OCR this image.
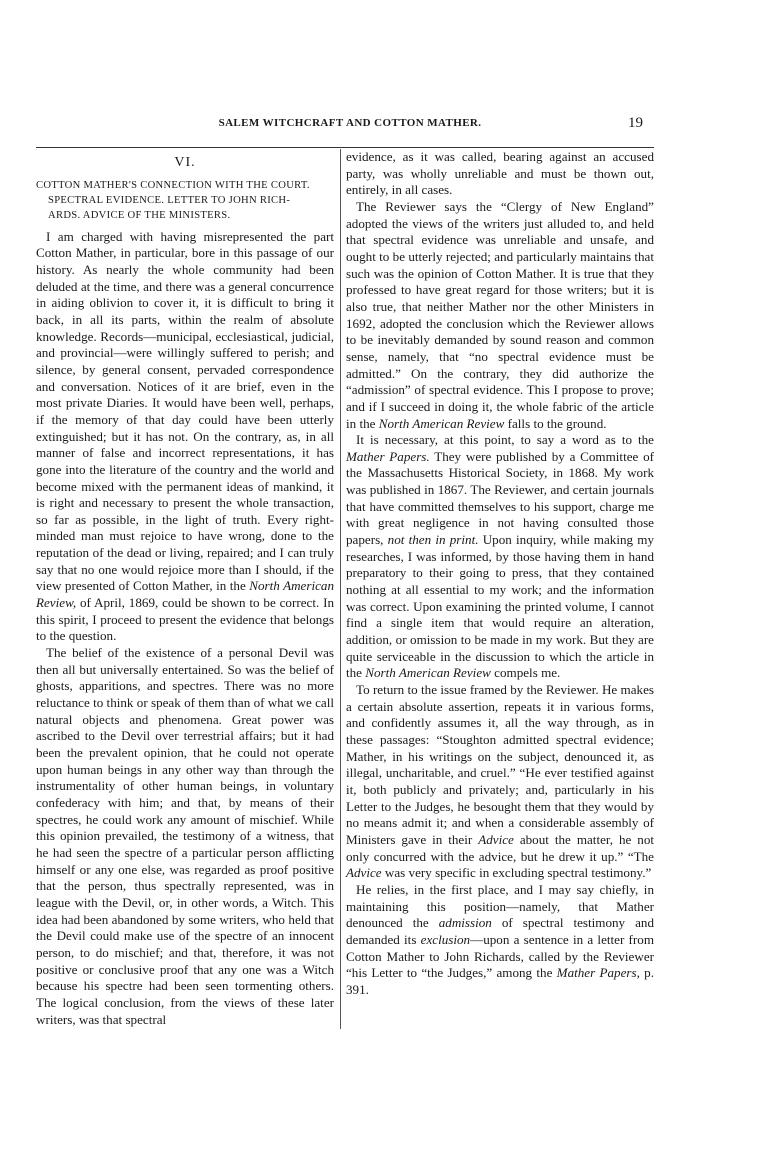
SALEM WITCHCRAFT AND COTTON MATHER.	19
VI.
COTTON MATHER'S CONNECTION WITH THE COURT.
SPECTRAL EVIDENCE. LETTER TO JOHN RICH-
ARDS. ADVICE OF THE MINISTERS.

I am charged with having misrepresented the part Cotton Mather, in particular, bore in this passage of our history. As nearly the whole community had been deluded at the time, and there was a general concurrence in aiding oblivion to cover it, it is difficult to bring it back, in all its parts, within the realm of absolute knowledge. Records—municipal, ecclesiastical, judicial, and provincial—were willingly suffered to perish; and silence, by general consent, pervaded correspondence and conversation. Notices of it are brief, even in the most private Diaries. It would have been well, perhaps, if the memory of that day could have been utterly extinguished; but it has not. On the contrary, as, in all manner of false and incorrect representations, it has gone into the literature of the country and the world and become mixed with the permanent ideas of mankind, it is right and necessary to present the whole transaction, so far as possible, in the light of truth. Every right-minded man must rejoice to have wrong, done to the reputation of the dead or living, repaired; and I can truly say that no one would rejoice more than I should, if the view presented of Cotton Mather, in the North American Review, of April, 1869, could be shown to be correct. In this spirit, I proceed to present the evidence that belongs to the question.

The belief of the existence of a personal Devil was then all but universally entertained. So was the belief of ghosts, apparitions, and spectres. There was no more reluctance to think or speak of them than of what we call natural objects and phenomena. Great power was ascribed to the Devil over terrestrial affairs; but it had been the prevalent opinion, that he could not operate upon human beings in any other way than through the instrumentality of other human beings, in voluntary confederacy with him; and that, by means of their spectres, he could work any amount of mischief. While this opinion prevailed, the testimony of a witness, that he had seen the spectre of a particular person afflicting himself or any one else, was regarded as proof positive that the person, thus spectrally represented, was in league with the Devil, or, in other words, a Witch. This idea had been abandoned by some writers, who held that the Devil could make use of the spectre of an innocent person, to do mischief; and that, therefore, it was not positive or conclusive proof that any one was a Witch because his spectre had been seen tormenting others. The logical conclusion, from the views of these later writers, was that spectral

evidence, as it was called, bearing against an accused party, was wholly unreliable and must be thown out, entirely, in all cases.

The Reviewer says the “Clergy of New England” adopted the views of the writers just alluded to, and held that spectral evidence was unreliable and unsafe, and ought to be utterly rejected; and particularly maintains that such was the opinion of Cotton Mather. It is true that they professed to have great regard for those writers; but it is also true, that neither Mather nor the other Ministers in 1692, adopted the conclusion which the Reviewer allows to be inevitably demanded by sound reason and common sense, namely, that “no spectral evidence must be admitted.” On the contrary, they did authorize the “admission” of spectral evidence. This I propose to prove; and if I succeed in doing it, the whole fabric of the article in the North American Review falls to the ground.

It is necessary, at this point, to say a word as to the Mather Papers. They were published by a Committee of the Massachusetts Historical Society, in 1868. My work was published in 1867. The Reviewer, and certain journals that have committed themselves to his support, charge me with great negligence in not having consulted those papers, not then in print. Upon inquiry, while making my researches, I was informed, by those having them in hand preparatory to their going to press, that they contained nothing at all essential to my work; and the information was correct. Upon examining the printed volume, I cannot find a single item that would require an alteration, addition, or omission to be made in my work. But they are quite serviceable in the discussion to which the article in the North American Review compels me.

To return to the issue framed by the Reviewer. He makes a certain absolute assertion, repeats it in various forms, and confidently assumes it, all the way through, as in these passages: “Stoughton admitted spectral evidence; Mather, in his writings on the subject, denounced it, as illegal, uncharitable, and cruel.” “He ever testified against it, both publicly and privately; and, particularly in his Letter to the Judges, he besought them that they would by no means admit it; and when a considerable assembly of Ministers gave in their Advice about the matter, he not only concurred with the advice, but he drew it up.” “The Advice was very specific in excluding spectral testimony.”

He relies, in the first place, and I may say chiefly, in maintaining this position—namely, that Mather denounced the admission of spectral testimony and demanded its exclusion—upon a sentence in a letter from Cotton Mather to John Richards, called by the Reviewer “his Letter to “the Judges,” among the Mather Papers, p. 391.
